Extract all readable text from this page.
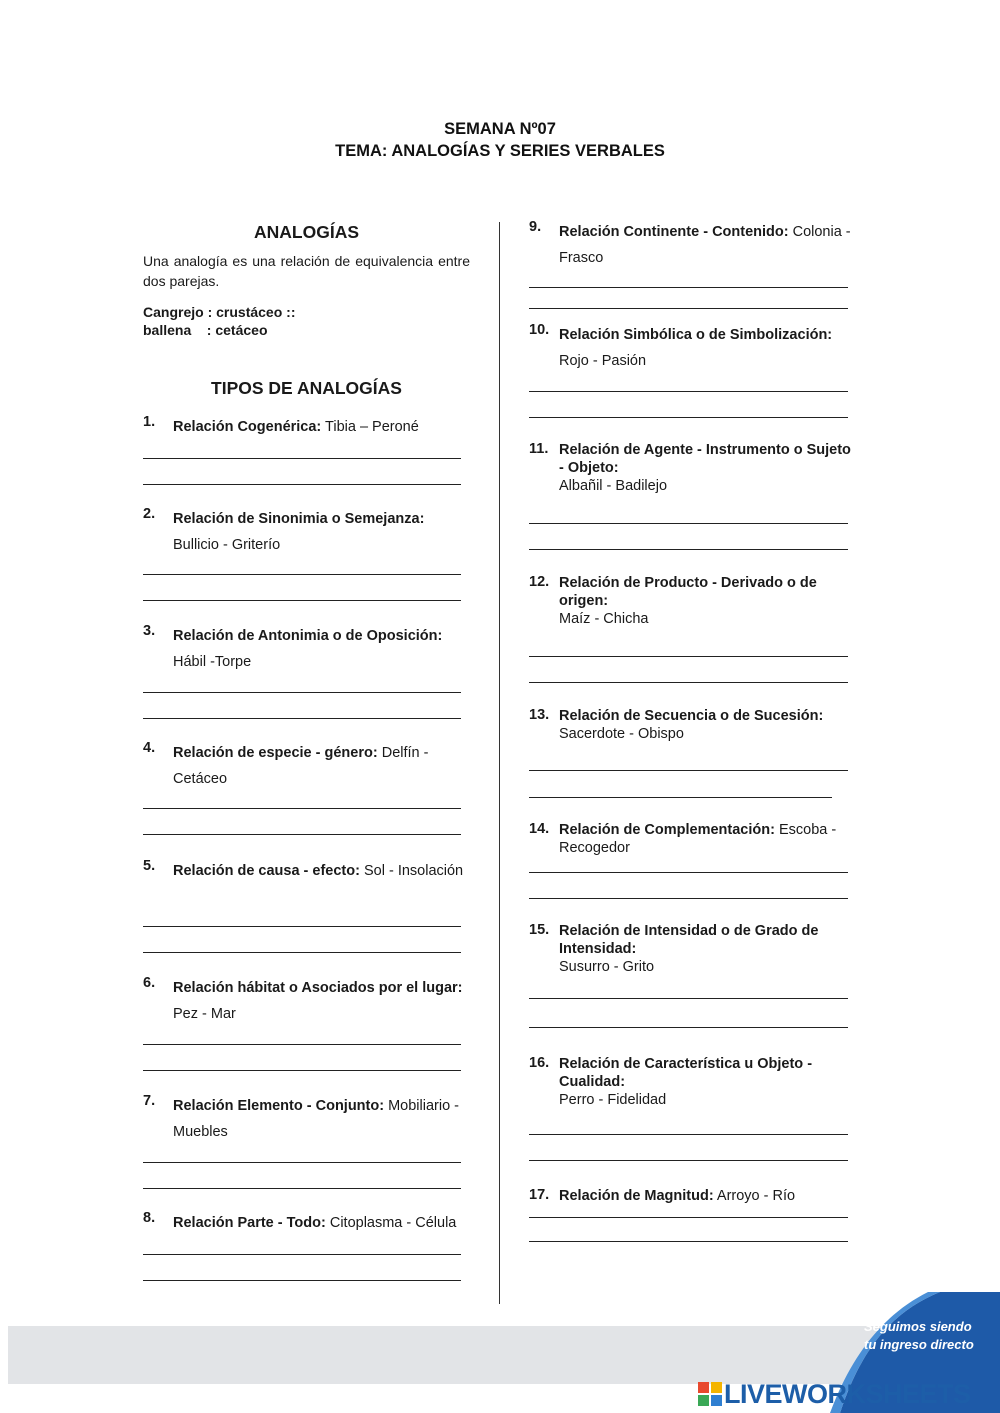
SEMANA Nº07
TEMA: ANALOGÍAS Y SERIES VERBALES
ANALOGÍAS

Una analogía es una relación de equivalencia entre dos parejas.

Cangrejo : crustáceo ::
ballena    : cetáceo
TIPOS DE ANALOGÍAS
1. Relación Cogenérica: Tibia – Peroné
2. Relación de Sinonimia o Semejanza:
Bullicio - Griterío
3. Relación de Antonimia o de Oposición:
Hábil -Torpe
4. Relación de especie - género: Delfín - Cetáceo
5. Relación de causa - efecto: Sol - Insolación
6. Relación hábitat o Asociados por el lugar: Pez - Mar
7. Relación Elemento - Conjunto: Mobiliario - Muebles
8. Relación Parte - Todo: Citoplasma - Célula
9. Relación Continente - Contenido: Colonia - Frasco
10. Relación Simbólica o de Simbolización:
Rojo - Pasión
11. Relación de Agente - Instrumento o Sujeto - Objeto:
Albañil - Badilejo
12. Relación de Producto - Derivado o de origen:
Maíz - Chicha
13. Relación de Secuencia o de Sucesión:
Sacerdote - Obispo
14. Relación de Complementación: Escoba - Recogedor
15. Relación de Intensidad o de Grado de Intensidad:
Susurro - Grito
16. Relación de Característica u Objeto - Cualidad:
Perro - Fidelidad
17. Relación de Magnitud: Arroyo - Río
Seguimos siendo
tu ingreso directo
LIVEWORKSHEETS
